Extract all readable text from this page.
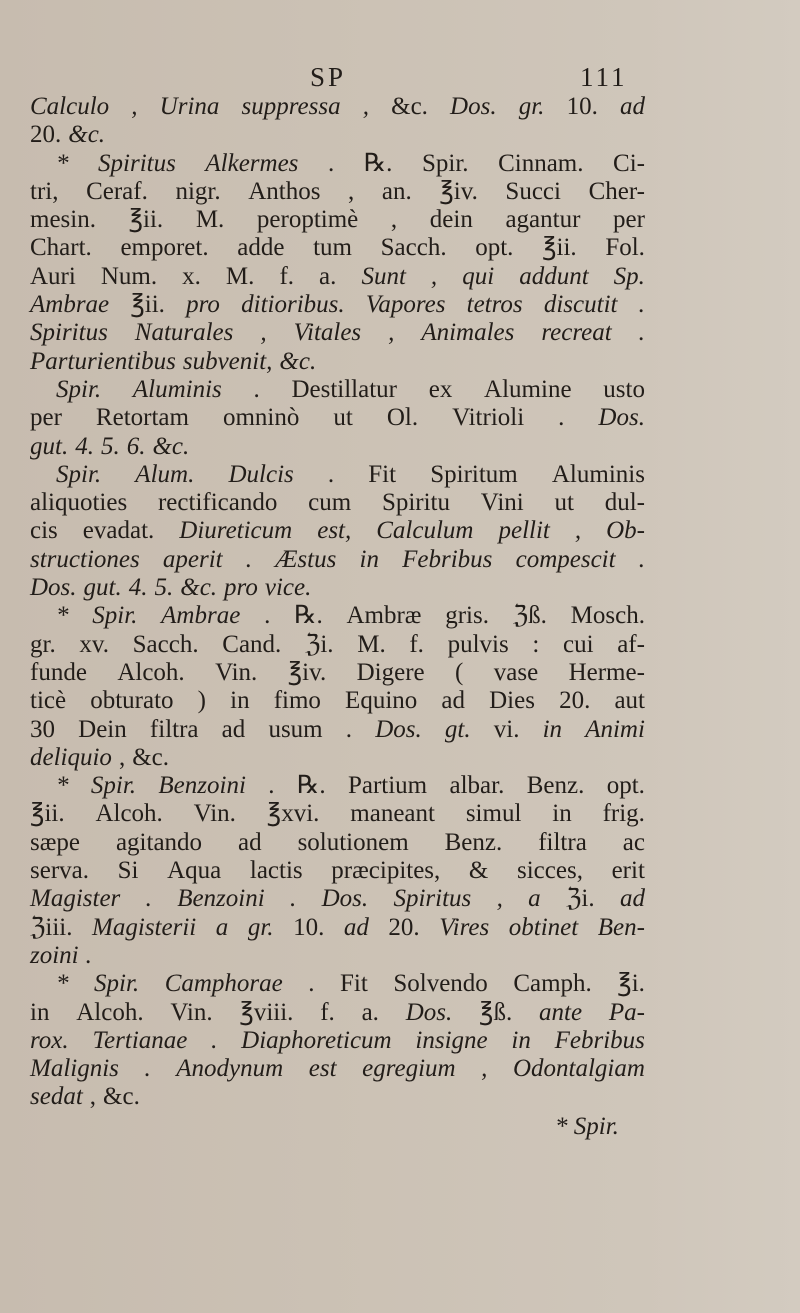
SP	111
Calculo , Urina suppressa , &c. Dos. gr. 10. ad
20. &c.
* Spiritus Alkermes . ℞. Spir. Cinnam. Ci-
tri, Ceraf. nigr. Anthos , an. ℥iv. Succi Cher-
mesin. ℥ii. M. peroptimè , dein agantur per
Chart. emporet. adde tum Sacch. opt. ℥ii. Fol.
Auri Num. x. M. f. a. Sunt , qui addunt Sp.
Ambrae ℥ii. pro ditioribus. Vapores tetros discutit .
Spiritus Naturales , Vitales , Animales recreat .
Parturientibus subvenit, &c.
Spir. Aluminis . Destillatur ex Alumine usto
per Retortam omninò ut Ol. Vitrioli . Dos.
gut. 4. 5. 6. &c.
Spir. Alum. Dulcis . Fit Spiritum Aluminis
aliquoties rectificando cum Spiritu Vini ut dul-
cis evadat. Diureticum est, Calculum pellit , Ob-
structiones aperit . Æstus in Febribus compescit .
Dos. gut. 4. 5. &c. pro vice.
* Spir. Ambrae . ℞. Ambræ gris. ℨß. Mosch.
gr. xv. Sacch. Cand. ℨi. M. f. pulvis : cui af-
funde Alcoh. Vin. ℥iv. Digere ( vase Herme-
ticè obturato ) in fimo Equino ad Dies 20. aut
30 Dein filtra ad usum . Dos. gt. vi. in Animi
deliquio , &c.
* Spir. Benzoini . ℞. Partium albar. Benz. opt.
℥ii. Alcoh. Vin. ℥xvi. maneant simul in frig.
sæpe agitando ad solutionem Benz. filtra ac
serva. Si Aqua lactis præcipites, & sicces, erit
Magister . Benzoini . Dos. Spiritus , a ℨi. ad
ℨiii. Magisterii a gr. 10. ad 20. Vires obtinet Ben-
zoini .
* Spir. Camphorae . Fit Solvendo Camph. ℥i.
in Alcoh. Vin. ℥viii. f. a. Dos. ℥ß. ante Pa-
rox. Tertianae . Diaphoreticum insigne in Febribus
Malignis . Anodynum est egregium , Odontalgiam
sedat , &c.
* Spir.
